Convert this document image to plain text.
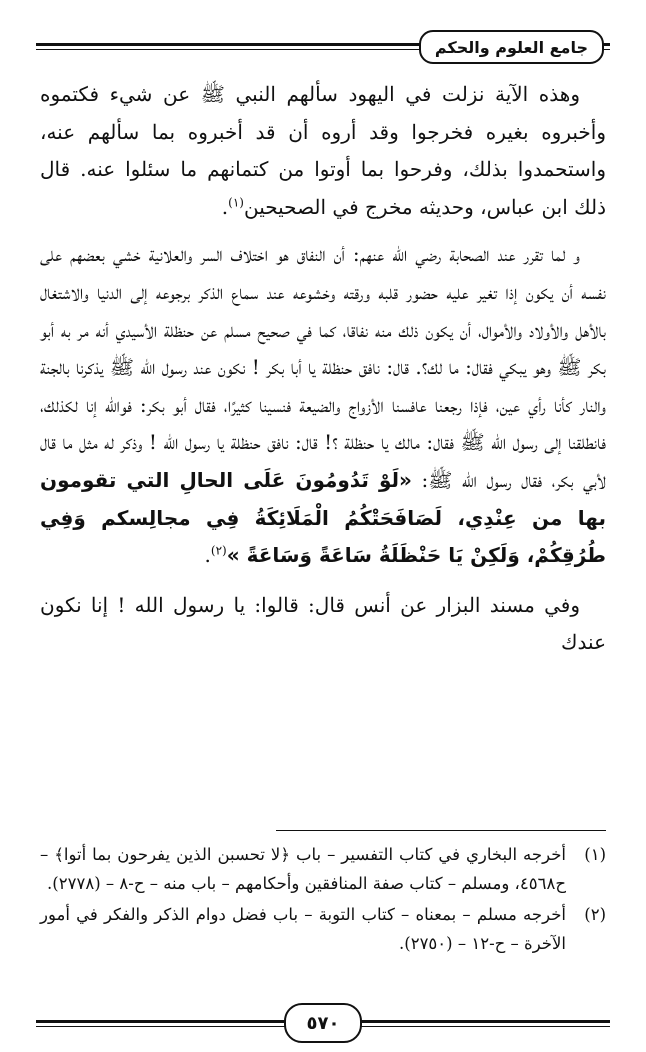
جامع العلوم والحكم

وهذه الآية نزلت في اليهود سألهم النبي ﷺ عن شيء فكتموه وأخبروه بغيره فخرجوا وقد أروه أن قد أخبروه بما سألهم عنه، واستحمدوا بذلك، وفرحوا بما أوتوا من كتمانهم ما سئلوا عنه. قال ذلك ابن عباس، وحديثه مخرج في الصحيحين$^{(١)}$.

و لما تقرر عند الصحابة رضي الله عنهم: أن النفاق هو اختلاف السر والعلانية خشي بعضهم على نفسه أن يكون إذا تغير عليه حضور قلبه ورقته وخشوعه عند سماع الذكر برجوعه إلى الدنيا والاشتغال بالأهل والأولاد والأموال، أن يكون ذلك منه نفاقا، كما في صحيح مسلم عن حنظلة الأسيدي أنه مر به أبو بكر ﷺ وهو يبكي فقال: ما لك؟. قال: نافق حنظلة يا أبا بكر ! نكون عند رسول الله ﷺ يذكرنا بالجنة والنار كأنا رأي عين، فإذا رجعنا عافسنا الأزواج والضيعة فنسينا كثيرًا، فقال أبو بكر: فوالله إنا لكذلك، فانطلقنا إلى رسول الله ﷺ فقال: مالك يا حنظلة ؟! قال: نافق حنظلة يا رسول الله ! وذكر له مثل ما قال لأبي بكر، فقال رسول الله ﷺ: «لَوْ تَدُومُونَ عَلَى الحالِ التي تقومون بها من عِنْدِي، لَصَافَحَتْكُمُ الْمَلَائِكَةُ فِي مجالِسكم وَفِي طُرُقِكُمْ، وَلَكِنْ يَا حَنْظَلَةُ سَاعَةً وَسَاعَةً »$^{(٢)}$.

وفي مسند البزار عن أنس قال: قالوا: يا رسول الله ! إنا نكون عندك

(١)
أخرجه البخاري في كتاب التفسير – باب ﴿لا تحسبن الذين يفرحون بما أتوا﴾ – ح٤٥٦٨، ومسلم – كتاب صفة المنافقين وأحكامهم – باب منه – ح-٨ – (٢٧٧٨).
(٢)
أخرجه مسلم – بمعناه – كتاب التوبة – باب فضل دوام الذكر والفكر في أمور الآخرة – ح-١٢ – (٢٧٥٠).
٥٧٠
